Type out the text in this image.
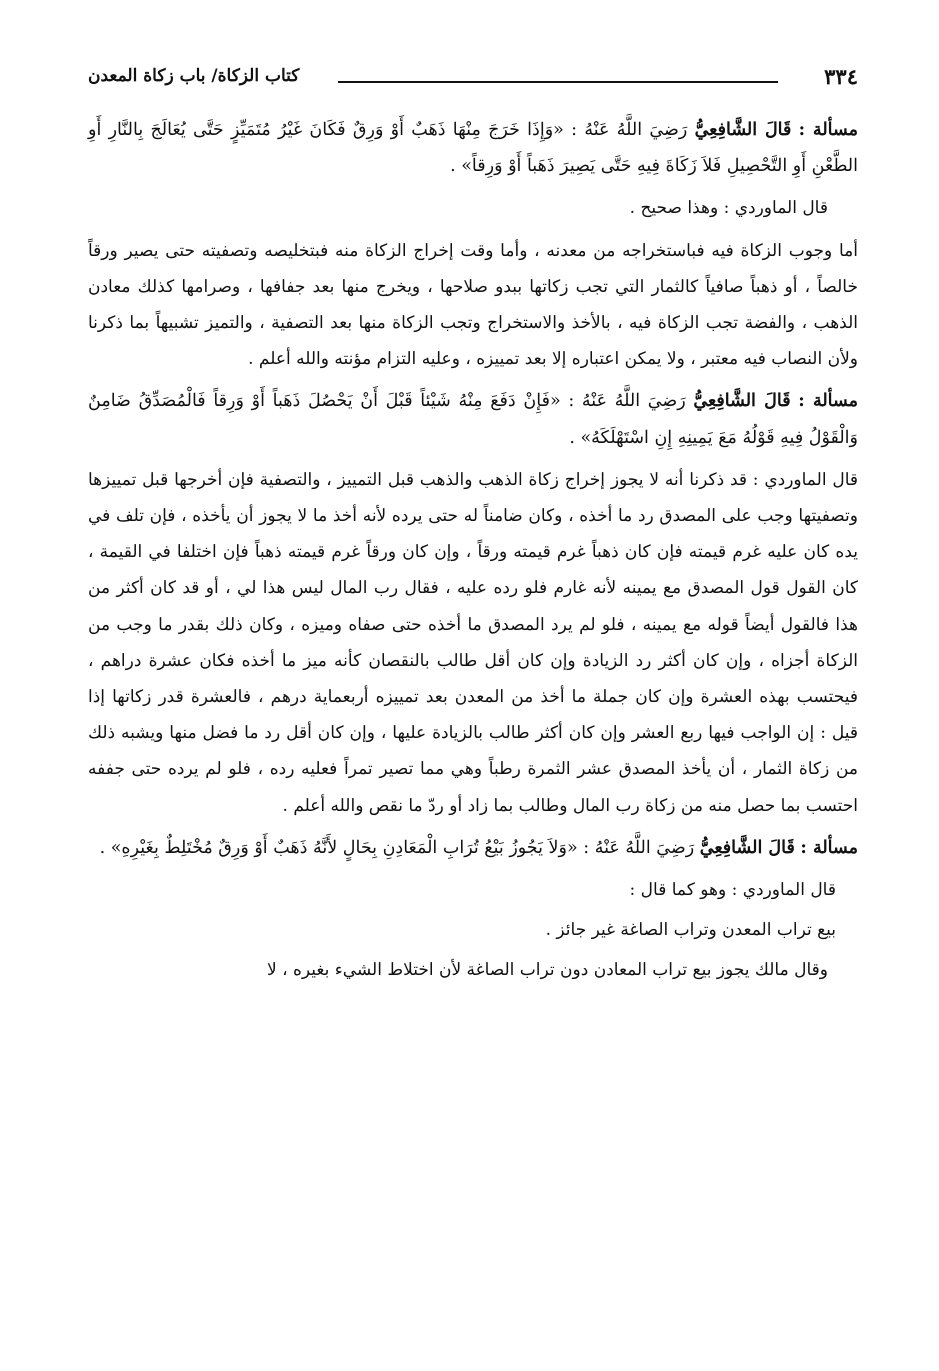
كتاب الزكاة/ باب زكاة المعدن	٣٣٤

مسألة : قَالَ الشَّافِعِيُّ رَضِيَ اللَّهُ عَنْهُ : «وَإِذَا خَرَجَ مِنْهَا ذَهَبٌ أَوْ وَرِقٌ فَكَانَ غَيْرُ مُتَمَيِّزٍ حَتَّى يُعَالَجَ بِالنَّارِ أَوِ الطَّعْنِ أَوِ التَّحْصِيلِ فَلاَ زَكَاةَ فِيهِ حَتَّى يَصِيرَ ذَهَباً أَوْ وَرِقاً» .

قال الماوردي : وهذا صحيح .

أما وجوب الزكاة فيه فباستخراجه من معدنه ، وأما وقت إخراج الزكاة منه فبتخليصه وتصفيته حتى يصير ورقاً خالصاً ، أو ذهباً صافياً كالثمار التي تجب زكاتها ببدو صلاحها ، ويخرج منها بعد جفافها ، وصرامها كذلك معادن الذهب ، والفضة تجب الزكاة فيه ، بالأخذ والاستخراج وتجب الزكاة منها بعد التصفية ، والتميز تشبيهاً بما ذكرنا ولأن النصاب فيه معتبر ، ولا يمكن اعتباره إلا بعد تمييزه ، وعليه التزام مؤنته والله أعلم .

مسألة : قَالَ الشَّافِعِيُّ رَضِيَ اللَّهُ عَنْهُ : «فَإِنْ دَفَعَ مِنْهُ شَيْئاً قَبْلَ أَنْ يَحْصُلَ ذَهَباً أَوْ وَرِقاً فَالْمُصَدِّقُ ضَامِنٌ وَالْقَوْلُ فِيهِ قَوْلُهُ مَعَ يَمِينِهِ إِنِ اسْتَهْلَكَهُ» .

قال الماوردي : قد ذكرنا أنه لا يجوز إخراج زكاة الذهب والذهب قبل التمييز ، والتصفية فإن أخرجها قبل تمييزها وتصفيتها وجب على المصدق رد ما أخذه ، وكان ضامناً له حتى يرده لأنه أخذ ما لا يجوز أن يأخذه ، فإن تلف في يده كان عليه غرم قيمته فإن كان ذهباً غرم قيمته ورقاً ، وإن كان ورقاً غرم قيمته ذهباً فإن اختلفا في القيمة ، كان القول قول المصدق مع يمينه لأنه غارم فلو رده عليه ، فقال رب المال ليس هذا لي ، أو قد كان أكثر من هذا فالقول أيضاً قوله مع يمينه ، فلو لم يرد المصدق ما أخذه حتى صفاه وميزه ، وكان ذلك بقدر ما وجب من الزكاة أجزاه ، وإن كان أكثر رد الزيادة وإن كان أقل طالب بالنقصان كأنه ميز ما أخذه فكان عشرة دراهم ، فيحتسب بهذه العشرة وإن كان جملة ما أخذ من المعدن بعد تمييزه أربعماية درهم ، فالعشرة قدر زكاتها إذا قيل : إن الواجب فيها ربع العشر وإن كان أكثر طالب بالزيادة عليها ، وإن كان أقل رد ما فضل منها ويشبه ذلك من زكاة الثمار ، أن يأخذ المصدق عشر الثمرة رطباً وهي مما تصير تمراً فعليه رده ، فلو لم يرده حتى جففه احتسب بما حصل منه من زكاة رب المال وطالب بما زاد أو ردّ ما نقص والله أعلم .

مسألة : قَالَ الشَّافِعِيُّ رَضِيَ اللَّهُ عَنْهُ : «وَلاَ يَجُوزُ بَيْعُ تُرَابِ الْمَعَادِنِ بِحَالٍ لأَنَّهُ ذَهَبٌ أَوْ وَرِقٌ مُخْتَلِطٌ بِغَيْرِهِ» .

قال الماوردي : وهو كما قال :

بيع تراب المعدن وتراب الصاغة غير جائز .

وقال مالك يجوز بيع تراب المعادن دون تراب الصاغة لأن اختلاط الشيء بغيره ، لا
